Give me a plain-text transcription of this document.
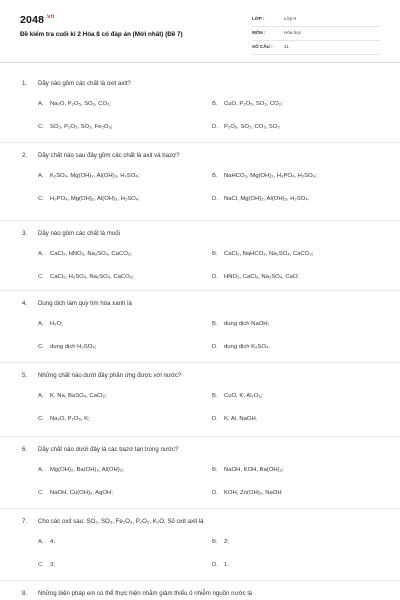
$2048^{.vn}$
Đề kiểm tra cuối kì 2 Hóa 8 có đáp án (Mới nhất) (Đề 7)
LỚP :	Lớp 8
MÔN :	Hóa học
SỐ CÂU : 11
1. Dãy nào gồm các chất là oxit axit?
A. Na₂O, P₂O₅, SO₂, CO₂;	B. CuO, P₂O₅, SO₂, CO₂;
C. SO₃, P₂O₅, SO₂, Fe₂O₃;	D. P₂O₅, SO₂, CO₂, SO₃
2. Dãy chất nào sau đây gồm các chất là axit và bazơ?
A. K₂SO₄, Mg(OH)₂, Al(OH)₃, H₂SO₄;	B. NaHCO₃, Mg(OH)₂, H₃PO₄, H₂SO₄;
C. H₃PO₄, Mg(OH)₂, Al(OH)₃, H₂SO₄;	D. NaCl, Mg(OH)₂, Al(OH)₃, H₂SO₄.
3. Dãy nào gồm các chất là muối
A. CaCl₂, HNO₃, Na₂SO₄, CaCO₃;	B. CaCl₂, NaHCO₃, Na₂SO₄, CaCO₃;
C. CaCl₂, H₂SO₄, Na₂SO₄, CaCO₃;	D. HNO₃, CaCl₂, Na₂SO₄, CaO.
4. Dung dịch làm quỳ tím hóa xanh là
A. H₂O;	B. dung dịch NaOH;
C. dung dịch H₂SO₄;	D. dung dịch K₂SO₄.
5. Những chất nào dưới đây phản ứng được với nước?
A. K, Na, BaSO₄, CaCl₂;	B. CuO, K, Al₂O₃;
C. Na₂O, P₂O₅, K;	D. K, Al, NaOH.
6. Dãy chất nào dưới đây là các bazơ tan trong nước?
A. Mg(OH)₂, Ba(OH)₂, Al(OH)₃;	B. NaOH, KOH, Ba(OH)₂;
C. NaOH, Cu(OH)₂, AgOH;	D. KOH, Zn(OH)₂, NaOH
7. Cho các oxit sau: SO₂, SO₃, Fe₂O₃, P₂O₅, K₂O. Số oxit axit là
A. 4;	B. 2;
C. 3;	D. 1.
8. Những biện pháp em có thể thực hiện nhằm giảm thiểu ô nhiễm nguồn nước là
